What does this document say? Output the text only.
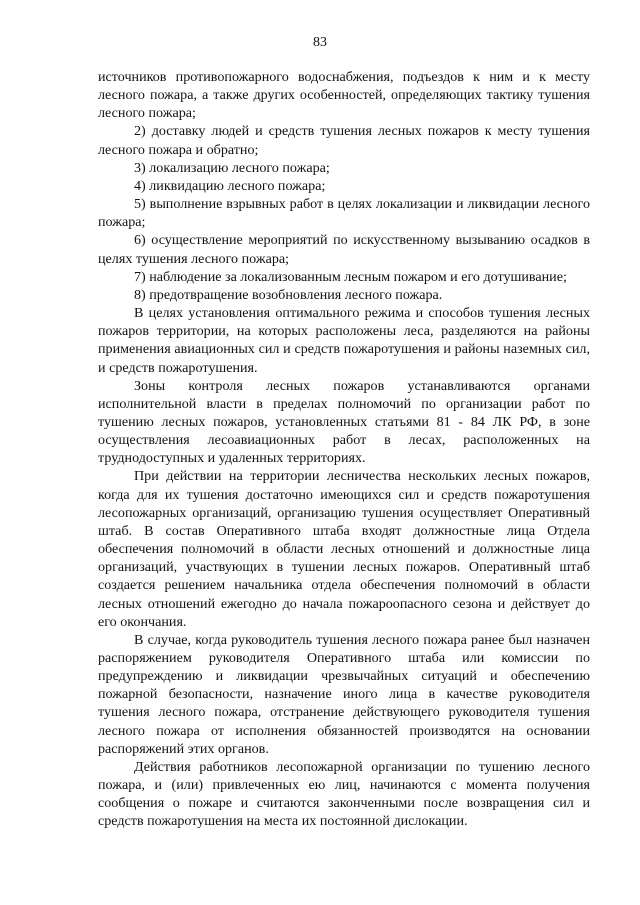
83

источников противопожарного водоснабжения, подъездов к ним и к месту лесного пожара, а также других особенностей, определяющих тактику тушения лесного пожара;

2) доставку людей и средств тушения лесных пожаров к месту тушения лесного пожара и обратно;

3) локализацию лесного пожара;

4) ликвидацию лесного пожара;

5) выполнение взрывных работ в целях локализации и ликвидации лесного пожара;

6) осуществление мероприятий по искусственному вызыванию осадков в целях тушения лесного пожара;

7) наблюдение за локализованным лесным пожаром и его дотушивание;

8) предотвращение возобновления лесного пожара.

В целях установления оптимального режима и способов тушения лесных пожаров территории, на которых расположены леса, разделяются на районы применения авиационных сил и средств пожаротушения и районы наземных сил, и средств пожаротушения.

Зоны контроля лесных пожаров устанавливаются органами исполнительной власти в пределах полномочий по организации работ по тушению лесных пожаров, установленных статьями 81 - 84 ЛК РФ, в зоне осуществления лесоавиационных работ в лесах, расположенных на труднодоступных и удаленных территориях.

При действии на территории лесничества нескольких лесных пожаров, когда для их тушения достаточно имеющихся сил и средств пожаротушения лесопожарных организаций, организацию тушения осуществляет Оперативный штаб. В состав Оперативного штаба входят должностные лица Отдела обеспечения полномочий в области лесных отношений и должностные лица организаций, участвующих в тушении лесных пожаров. Оперативный штаб создается решением начальника отдела обеспечения полномочий в области лесных отношений ежегодно до начала пожароопасного сезона и действует до его окончания.

В случае, когда руководитель тушения лесного пожара ранее был назначен распоряжением руководителя Оперативного штаба или комиссии по предупреждению и ликвидации чрезвычайных ситуаций и обеспечению пожарной безопасности, назначение иного лица в качестве руководителя тушения лесного пожара, отстранение действующего руководителя тушения лесного пожара от исполнения обязанностей производятся на основании распоряжений этих органов.

Действия работников лесопожарной организации по тушению лесного пожара, и (или) привлеченных ею лиц, начинаются с момента получения сообщения о пожаре и считаются законченными после возвращения сил и средств пожаротушения на места их постоянной дислокации.
